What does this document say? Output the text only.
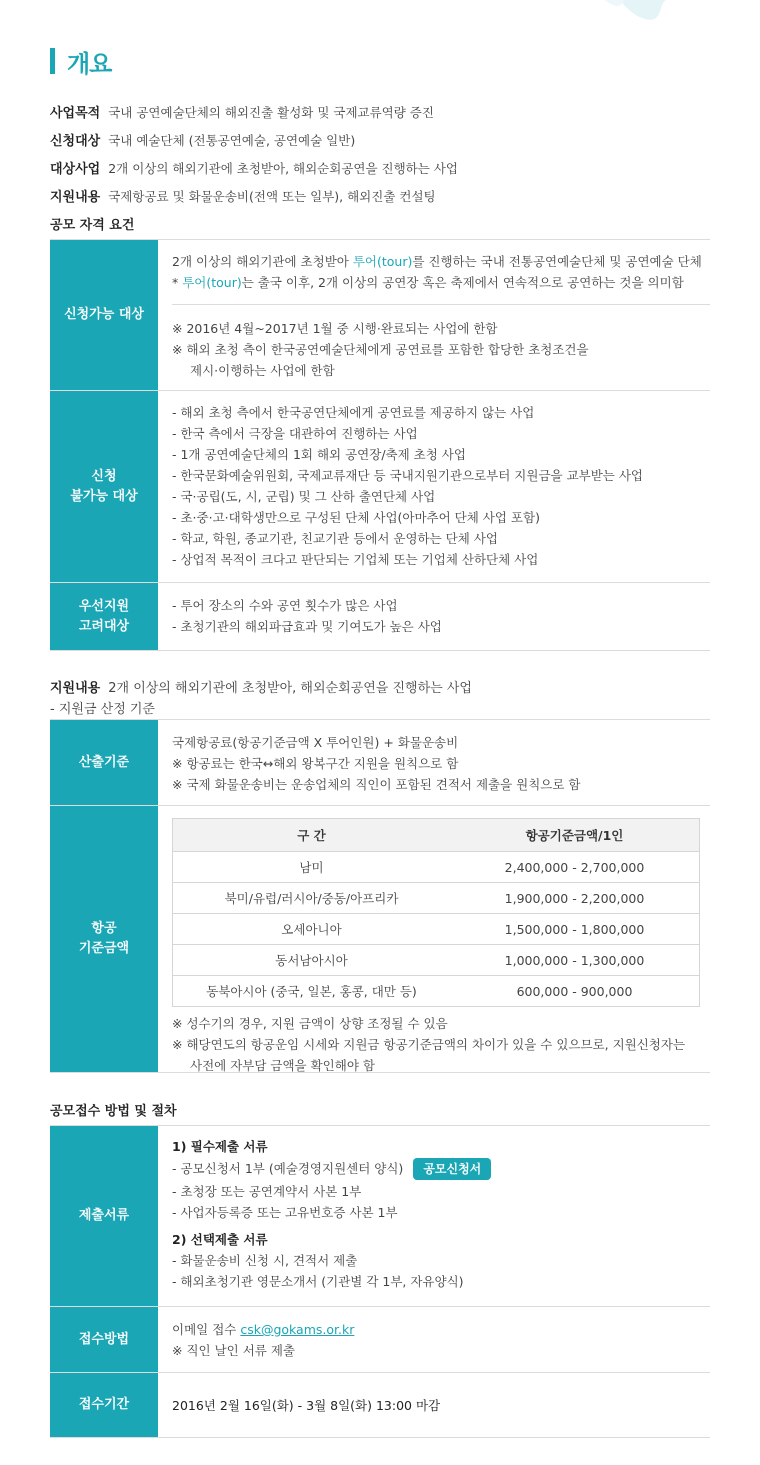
개요
사업목적 국내 공연예술단체의 해외진출 활성화 및 국제교류역량 증진
신청대상 국내 예술단체 (전통공연예술, 공연예술 일반)
대상사업 2개 이상의 해외기관에 초청받아, 해외순회공연을 진행하는 사업
지원내용 국제항공료 및 화물운송비(전액 또는 일부), 해외진출 컨설팅
공모 자격 요건
신청가능 대상
2개 이상의 해외기관에 초청받아 투어(tour)를 진행하는 국내 전통공연예술단체 및 공연예술 단체
* 투어(tour)는 출국 이후, 2개 이상의 공연장 혹은 축제에서 연속적으로 공연하는 것을 의미함
※ 2016년 4월~2017년 1월 중 시행·완료되는 사업에 한함
※ 해외 초청 측이 한국공연예술단체에게 공연료를 포함한 합당한 초청조건을
제시·이행하는 사업에 한함
신청
불가능 대상
- 해외 초청 측에서 한국공연단체에게 공연료를 제공하지 않는 사업
- 한국 측에서 극장을 대관하여 진행하는 사업
- 1개 공연예술단체의 1회 해외 공연장/축제 초청 사업
- 한국문화예술위원회, 국제교류재단 등 국내지원기관으로부터 지원금을 교부받는 사업
- 국·공립(도, 시, 군립) 및 그 산하 출연단체 사업
- 초·중·고·대학생만으로 구성된 단체 사업(아마추어 단체 사업 포함)
- 학교, 학원, 종교기관, 친교기관 등에서 운영하는 단체 사업
- 상업적 목적이 크다고 판단되는 기업체 또는 기업체 산하단체 사업
우선지원
고려대상
- 투어 장소의 수와 공연 횟수가 많은 사업
- 초청기관의 해외파급효과 및 기여도가 높은 사업
지원내용 2개 이상의 해외기관에 초청받아, 해외순회공연을 진행하는 사업
- 지원금 산정 기준
산출기준
국제항공료(항공기준금액 X 투어인원) + 화물운송비
※ 항공료는 한국↔해외 왕복구간 지원을 원칙으로 함
※ 국제 화물운송비는 운송업체의 직인이 포함된 견적서 제출을 원칙으로 함
항공
기준금액
구 간	항공기준금액/1인
남미	2,400,000 - 2,700,000
북미/유럽/러시아/중동/아프리카	1,900,000 - 2,200,000
오세아니아	1,500,000 - 1,800,000
동서남아시아	1,000,000 - 1,300,000
동북아시아 (중국, 일본, 홍콩, 대만 등)	600,000 - 900,000
※ 성수기의 경우, 지원 금액이 상향 조정될 수 있음
※ 해당연도의 항공운임 시세와 지원금 항공기준금액의 차이가 있을 수 있으므로, 지원신청자는
사전에 자부담 금액을 확인해야 함
공모접수 방법 및 절차
제출서류
1) 필수제출 서류
- 공모신청서 1부 (예술경영지원센터 양식) 공모신청서
- 초청장 또는 공연계약서 사본 1부
- 사업자등록증 또는 고유번호증 사본 1부
2) 선택제출 서류
- 화물운송비 신청 시, 견적서 제출
- 해외초청기관 영문소개서 (기관별 각 1부, 자유양식)
접수방법
이메일 접수 csk@gokams.or.kr
※ 직인 날인 서류 제출
접수기간	2016년 2월 16일(화) - 3월 8일(화) 13:00 마감
